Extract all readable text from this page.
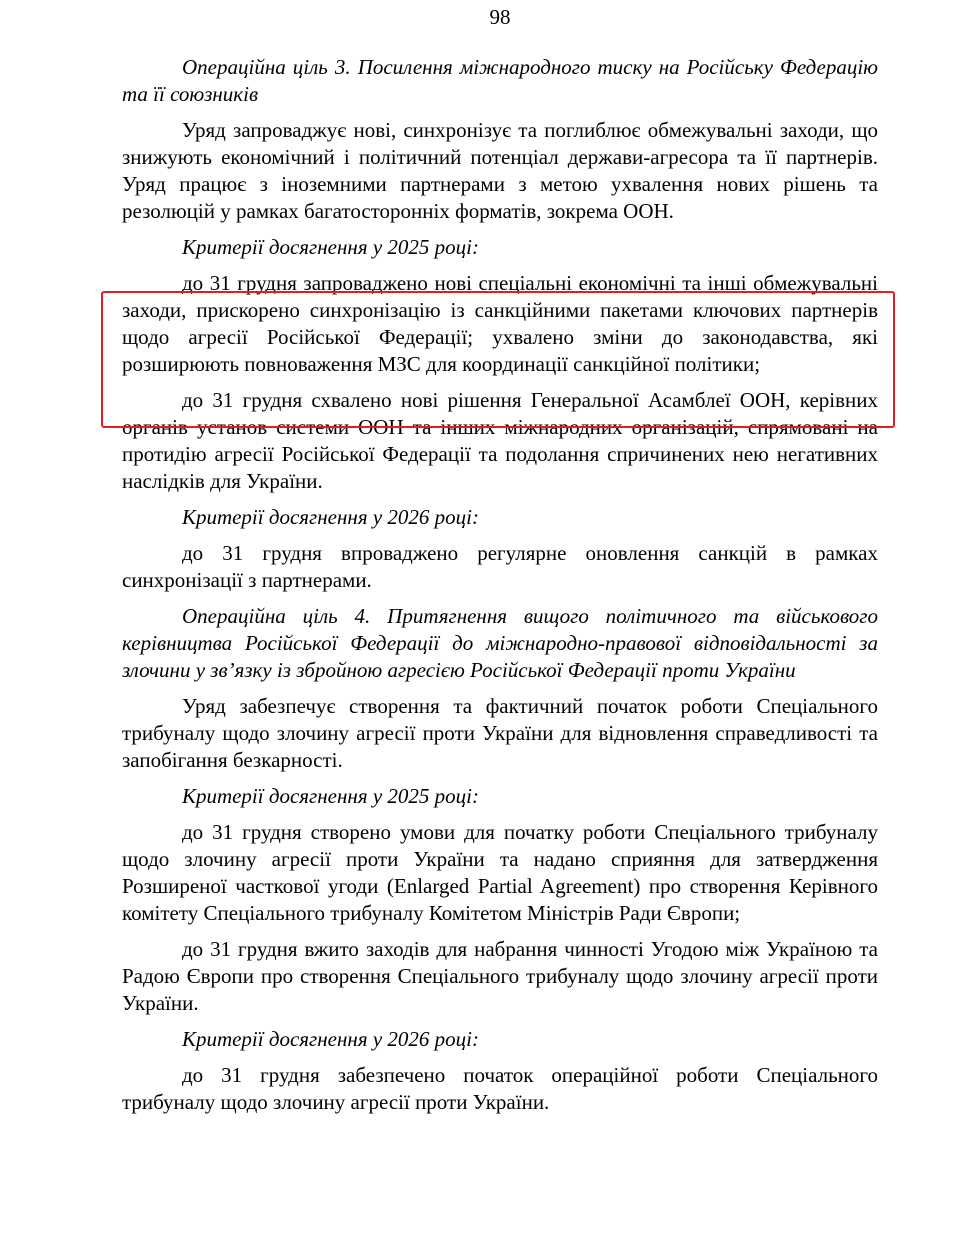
98

Операційна ціль 3. Посилення міжнародного тиску на Російську Федерацію та її союзників

Уряд запроваджує нові, синхронізує та поглиблює обмежувальні заходи, що знижують економічний і політичний потенціал держави-агресора та її партнерів. Уряд працює з іноземними партнерами з метою ухвалення нових рішень та резолюцій у рамках багатосторонніх форматів, зокрема ООН.

Критерії досягнення у 2025 році:

до 31 грудня запроваджено нові спеціальні економічні та інші обмежувальні заходи, прискорено синхронізацію із санкційними пакетами ключових партнерів щодо агресії Російської Федерації; ухвалено зміни до законодавства, які розширюють повноваження МЗС для координації санкційної політики;

до 31 грудня схвалено нові рішення Генеральної Асамблеї ООН, керівних органів установ системи ООН та інших міжнародних організацій, спрямовані на протидію агресії Російської Федерації та подолання спричинених нею негативних наслідків для України.

Критерії досягнення у 2026 році:

до 31 грудня впроваджено регулярне оновлення санкцій в рамках синхронізації з партнерами.

Операційна ціль 4. Притягнення вищого політичного та військового керівництва Російської Федерації до міжнародно-правової відповідальності за злочини у зв’язку із збройною агресією Російської Федерації проти України

Уряд забезпечує створення та фактичний початок роботи Спеціального трибуналу щодо злочину агресії проти України для відновлення справедливості та запобігання безкарності.

Критерії досягнення у 2025 році:

до 31 грудня створено умови для початку роботи Спеціального трибуналу щодо злочину агресії проти України та надано сприяння для затвердження Розширеної часткової угоди (Enlarged Partial Agreement) про створення Керівного комітету Спеціального трибуналу Комітетом Міністрів Ради Європи;

до 31 грудня вжито заходів для набрання чинності Угодою між Україною та Радою Європи про створення Спеціального трибуналу щодо злочину агресії проти України.

Критерії досягнення у 2026 році:

до 31 грудня забезпечено початок операційної роботи Спеціального трибуналу щодо злочину агресії проти України.
